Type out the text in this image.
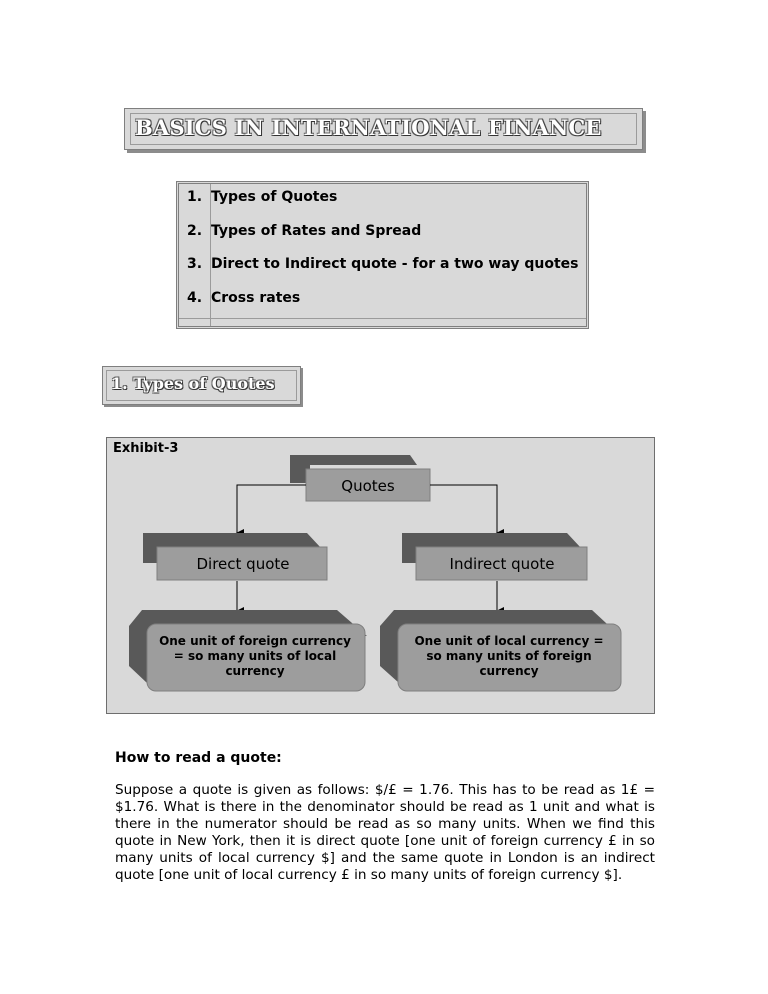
BASICS IN INTERNATIONAL FINANCE
1. Types of Quotes
2. Types of Rates and Spread
3. Direct to Indirect quote - for a two way quotes
4. Cross rates
1. Types of Quotes
Exhibit-3
Quotes
Direct quote	Indirect quote
One unit of foreign currency
= so many units of local
currency
One unit of local currency =
so many units of foreign
currency
How to read a quote:
Suppose a quote is given as follows: $/£ = 1.76. This has to be read as 1£ = $1.76. What is there in the denominator should be read as 1 unit and what is there in the numerator should be read as so many units. When we find this quote in New York, then it is direct quote [one unit of foreign currency £ in so many units of local currency $] and the same quote in London is an indirect quote [one unit of local currency £ in so many units of foreign currency $].
